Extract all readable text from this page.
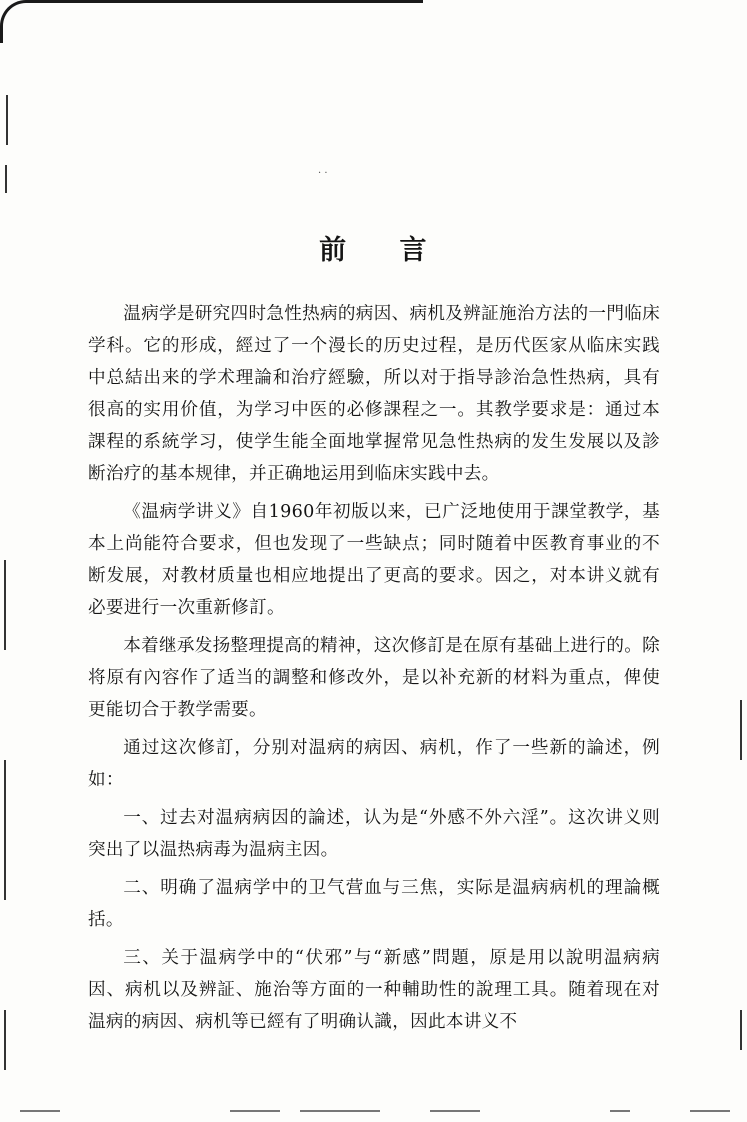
· ·
前 言

温病学是研究四时急性热病的病因、病机及辨証施治方法的一門临床学科。它的形成，經过了一个漫长的历史过程，是历代医家从临床实践中总結出来的学术理論和治疗經驗，所以对于指导診治急性热病，具有很高的实用价值，为学习中医的必修課程之一。其教学要求是：通过本課程的系統学习，使学生能全面地掌握常见急性热病的发生发展以及診断治疗的基本规律，并正确地运用到临床实践中去。

《温病学讲义》自1960年初版以来，已广泛地使用于課堂教学，基本上尚能符合要求，但也发现了一些缺点；同时随着中医教育事业的不断发展，对教材质量也相应地提出了更高的要求。因之，对本讲义就有必要进行一次重新修訂。

本着继承发扬整理提高的精神，这次修訂是在原有基础上进行的。除将原有內容作了适当的調整和修改外，是以补充新的材料为重点，俾使更能切合于教学需要。

通过这次修訂，分别对温病的病因、病机，作了一些新的論述，例如：

一、过去对温病病因的論述，认为是“外感不外六淫”。这次讲义则突出了以温热病毒为温病主因。

二、明确了温病学中的卫气营血与三焦，实际是温病病机的理論概括。

三、关于温病学中的“伏邪”与“新感”問題，原是用以說明温病病因、病机以及辨証、施治等方面的一种輔助性的說理工具。随着现在对温病的病因、病机等已經有了明确认識，因此本讲义不
